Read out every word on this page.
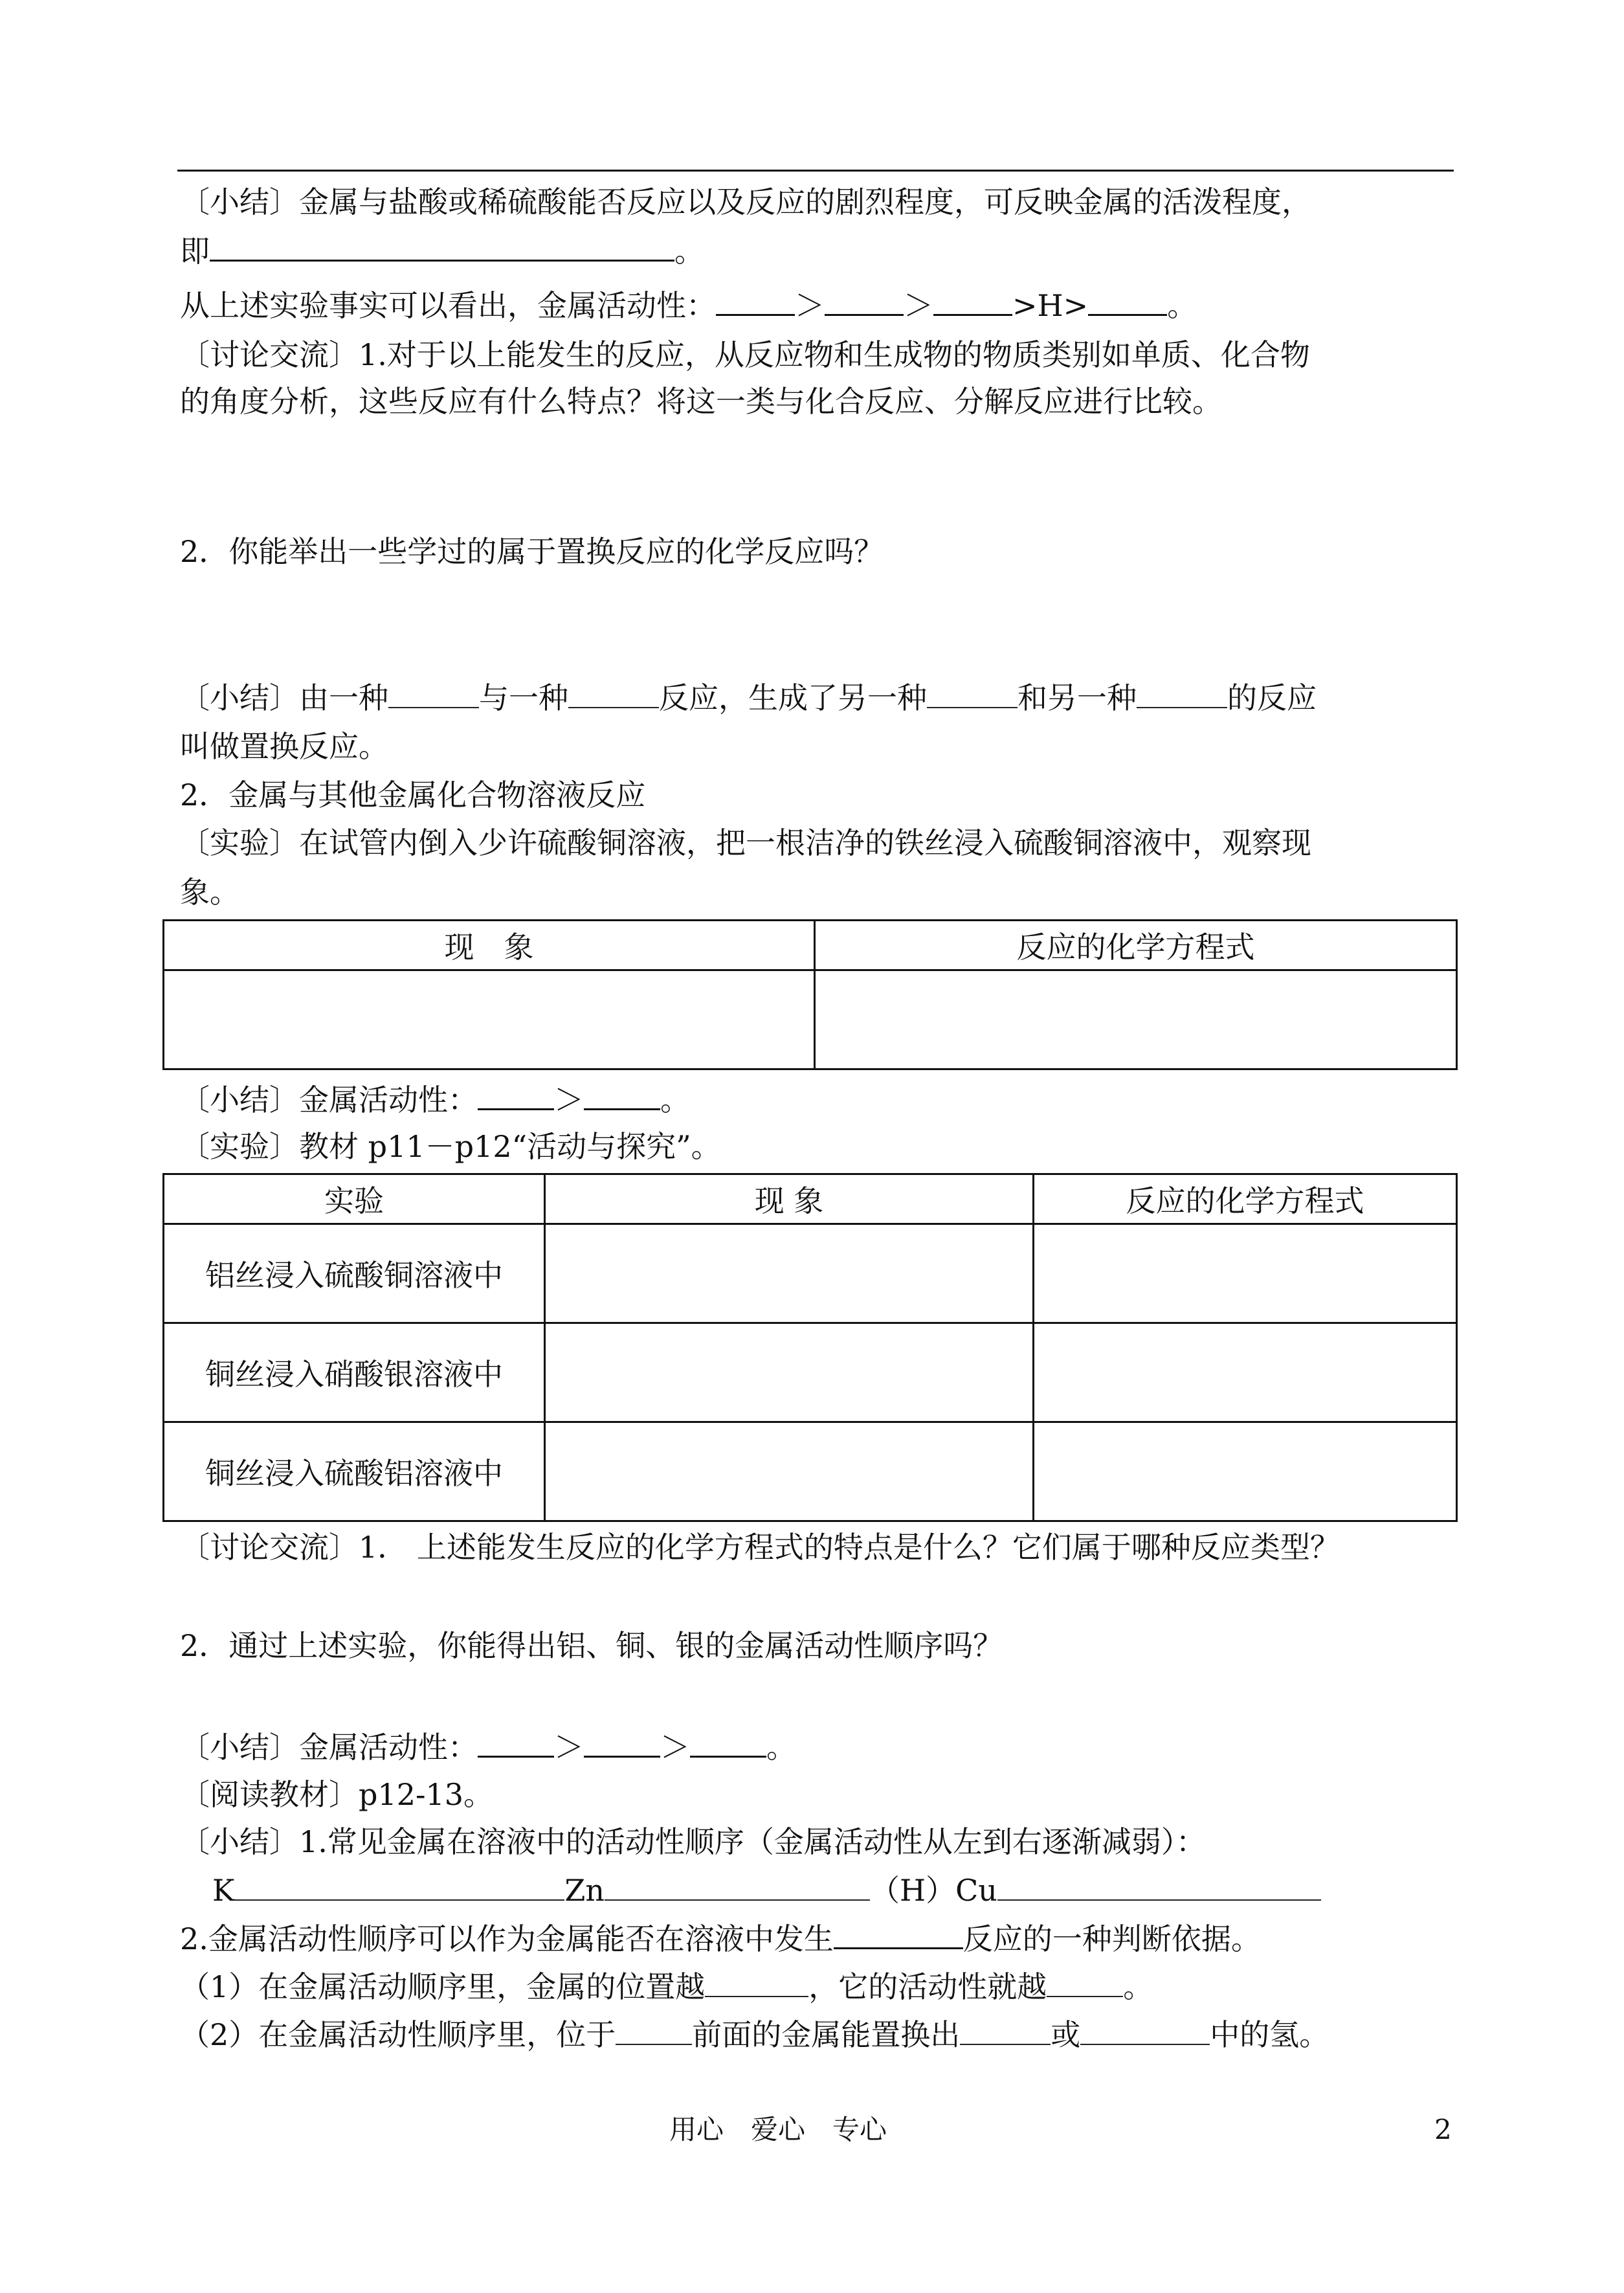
〔小结〕金属与盐酸或稀硫酸能否反应以及反应的剧烈程度，可反映金属的活泼程度，
即	。
从上述实验事实可以看出，金属活动性：	＞	＞	>H>	。
〔讨论交流〕1.对于以上能发生的反应，从反应物和生成物的物质类别如单质、化合物
的角度分析，这些反应有什么特点？将这一类与化合反应、分解反应进行比较。
2．你能举出一些学过的属于置换反应的化学反应吗？
〔小结〕由一种	与一种	反应，生成了另一种	和另一种	的反应
叫做置换反应。
2．金属与其他金属化合物溶液反应
〔实验〕在试管内倒入少许硫酸铜溶液，把一根洁净的铁丝浸入硫酸铜溶液中，观察现
象。
现　象	反应的化学方程式

〔小结〕金属活动性：	＞	。
〔实验〕教材 p11－p12“活动与探究”。
实验	现 象	反应的化学方程式
铝丝浸入硫酸铜溶液中		
铜丝浸入硝酸银溶液中		
铜丝浸入硫酸铝溶液中		
〔讨论交流〕1． 上述能发生反应的化学方程式的特点是什么？它们属于哪种反应类型？
2．通过上述实验，你能得出铝、铜、银的金属活动性顺序吗？
〔小结〕金属活动性：	＞	＞	。
〔阅读教材〕p12-13。
〔小结〕1.常见金属在溶液中的活动性顺序（金属活动性从左到右逐渐减弱）：
K	Zn	（H）Cu
2.金属活动性顺序可以作为金属能否在溶液中发生	反应的一种判断依据。
（1）在金属活动顺序里，金属的位置越	，它的活动性就越	。
（2）在金属活动性顺序里，位于	前面的金属能置换出	或	中的氢。
用心　爱心　专心	2
